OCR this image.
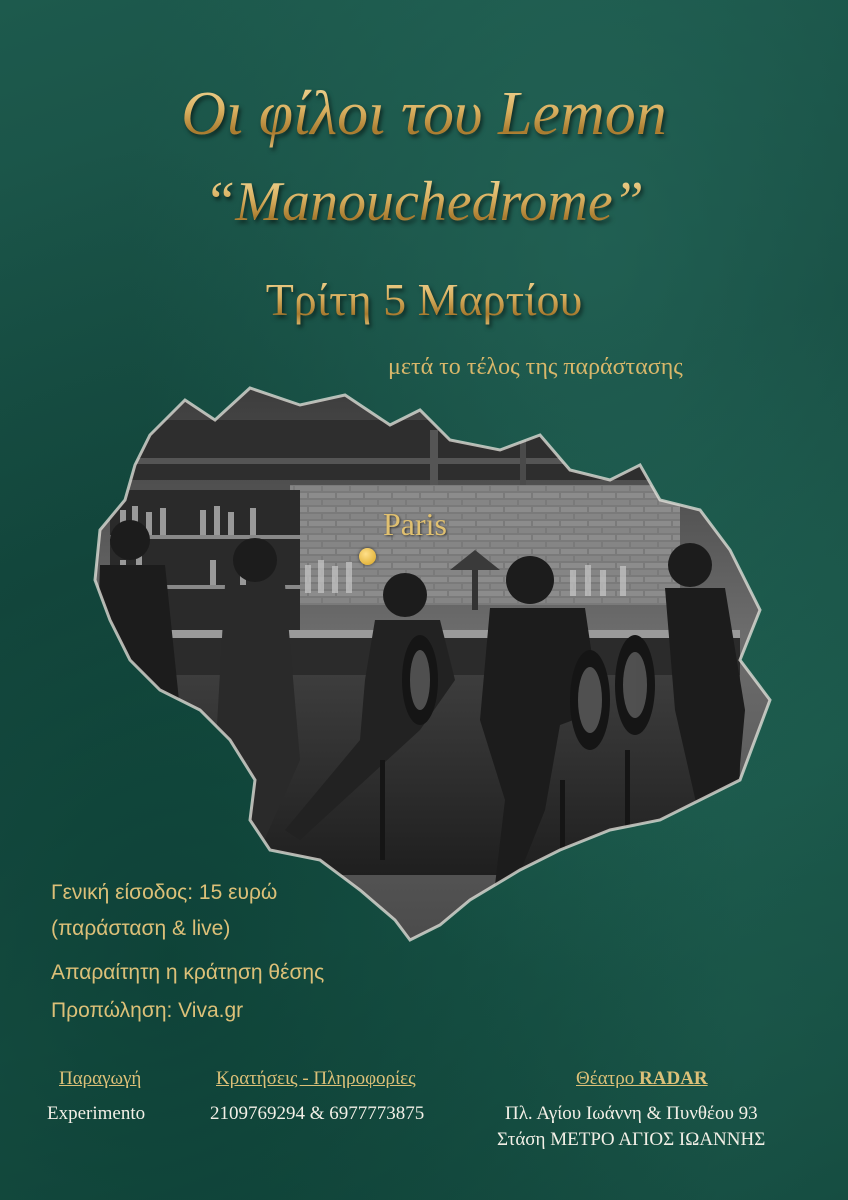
Οι φίλοι του Lemon
“Manouchedrome”
Τρίτη 5 Μαρτίου
μετά το τέλος της παράστασης
Paris
Γενική είσοδος: 15 ευρώ
(παράσταση & live)
Απαραίτητη η κράτηση θέσης
Προπώληση: Viva.gr
Παραγωγή
Experimento
Κρατήσεις - Πληροφορίες
2109769294 & 6977773875
Θέατρο RADAR
Πλ. Αγίου Ιωάννη & Πυνθέου 93
Στάση ΜΕΤΡΟ ΑΓΙΟΣ ΙΩΑΝΝΗΣ
